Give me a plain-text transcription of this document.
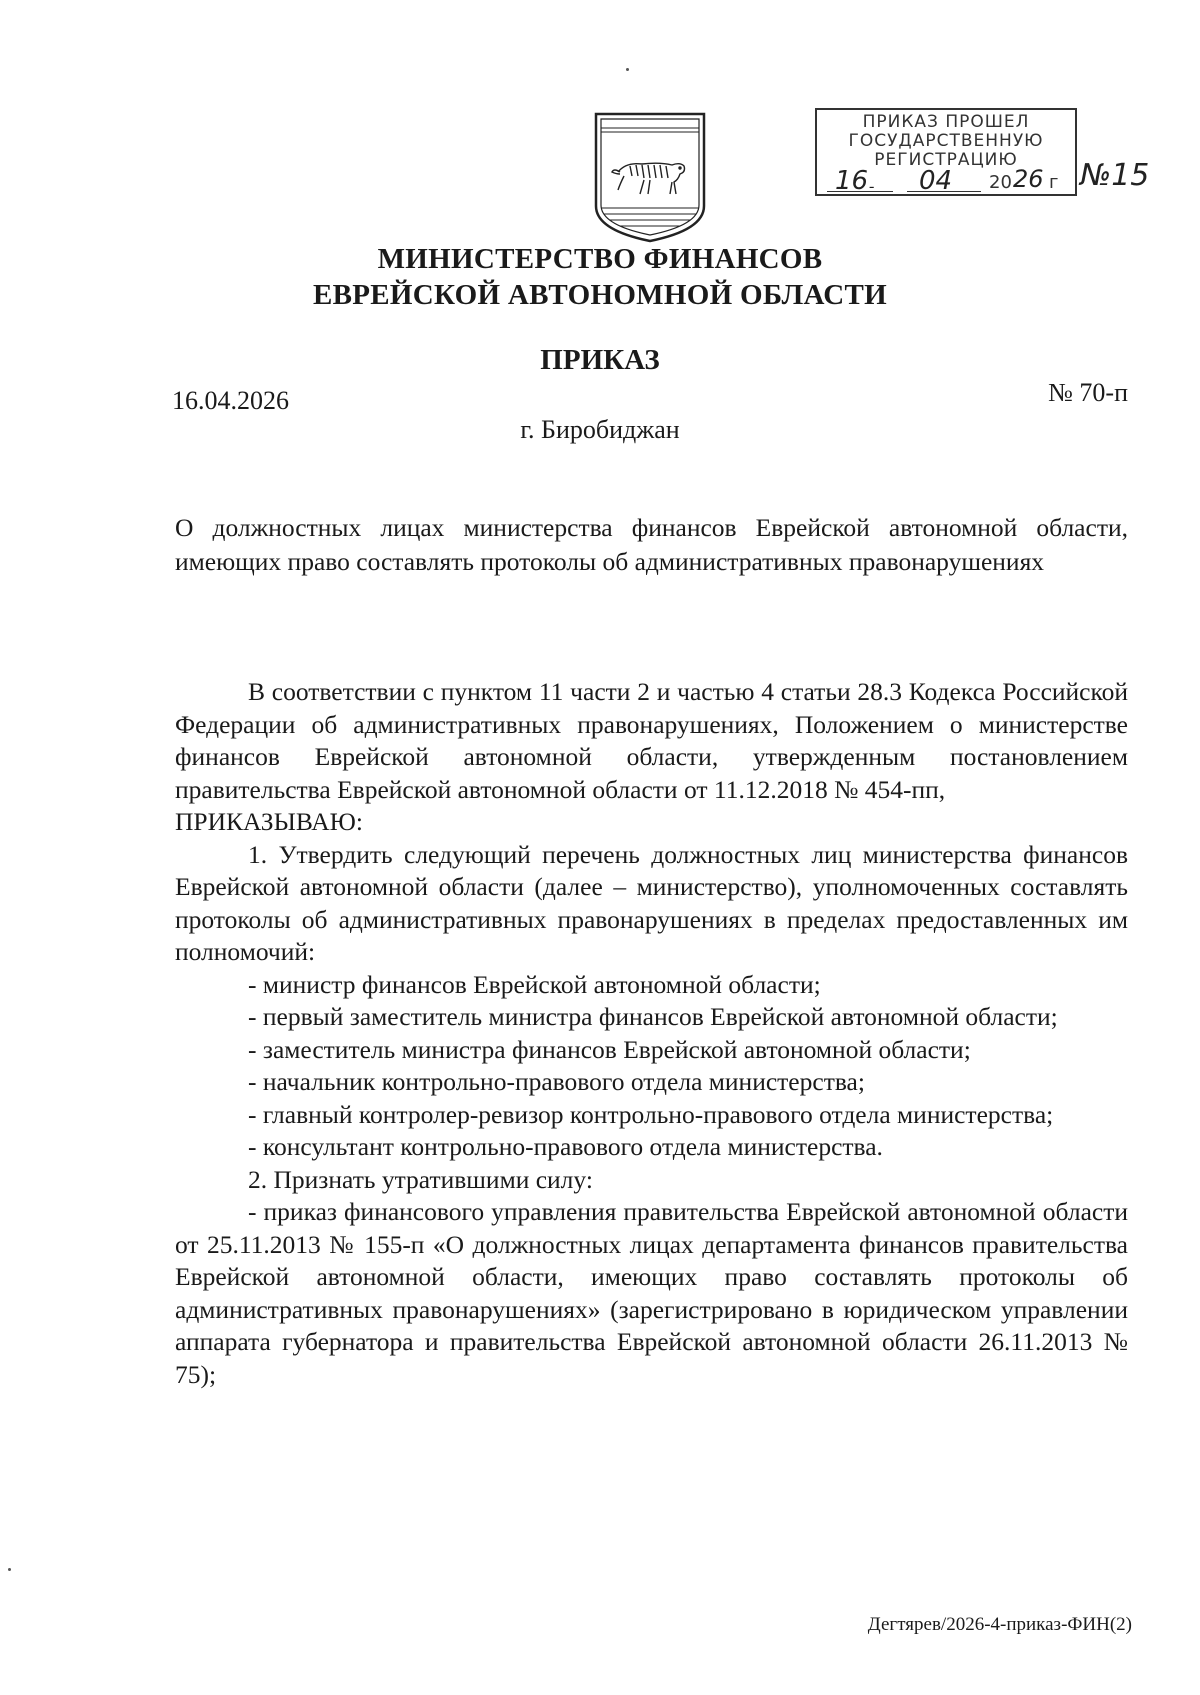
ПРИКАЗ ПРОШЕЛ
ГОСУДАРСТВЕННУЮ
РЕГИСТРАЦИЮ
16 - 04 20 26 г №15
МИНИСТЕРСТВО ФИНАНСОВ
ЕВРЕЙСКОЙ АВТОНОМНОЙ ОБЛАСТИ
ПРИКАЗ
16.04.2026	№ 70-п
г. Биробиджан

О должностных лицах министерства финансов Еврейской автономной области, имеющих право составлять протоколы об административных правонарушениях

В соответствии с пунктом 11 части 2 и частью 4 статьи 28.3 Кодекса Российской Федерации об административных правонарушениях, Положением о министерстве финансов Еврейской автономной области, утвержденным постановлением правительства Еврейской автономной области от 11.12.2018 № 454-пп,

ПРИКАЗЫВАЮ:

1. Утвердить следующий перечень должностных лиц министерства финансов Еврейской автономной области (далее – министерство), уполномоченных составлять протоколы об административных правонарушениях в пределах предоставленных им полномочий:

- министр финансов Еврейской автономной области;

- первый заместитель министра финансов Еврейской автономной области;

- заместитель министра финансов Еврейской автономной области;

- начальник контрольно-правового отдела министерства;

- главный контролер-ревизор контрольно-правового отдела министерства;

- консультант контрольно-правового отдела министерства.

2. Признать утратившими силу:

- приказ финансового управления правительства Еврейской автономной области от 25.11.2013 № 155-п «О должностных лицах департамента финансов правительства Еврейской автономной области, имеющих право составлять протоколы об административных правонарушениях» (зарегистрировано в юридическом управлении аппарата губернатора и правительства Еврейской автономной области 26.11.2013 № 75);

Дегтярев/2026-4-приказ-ФИН(2)
